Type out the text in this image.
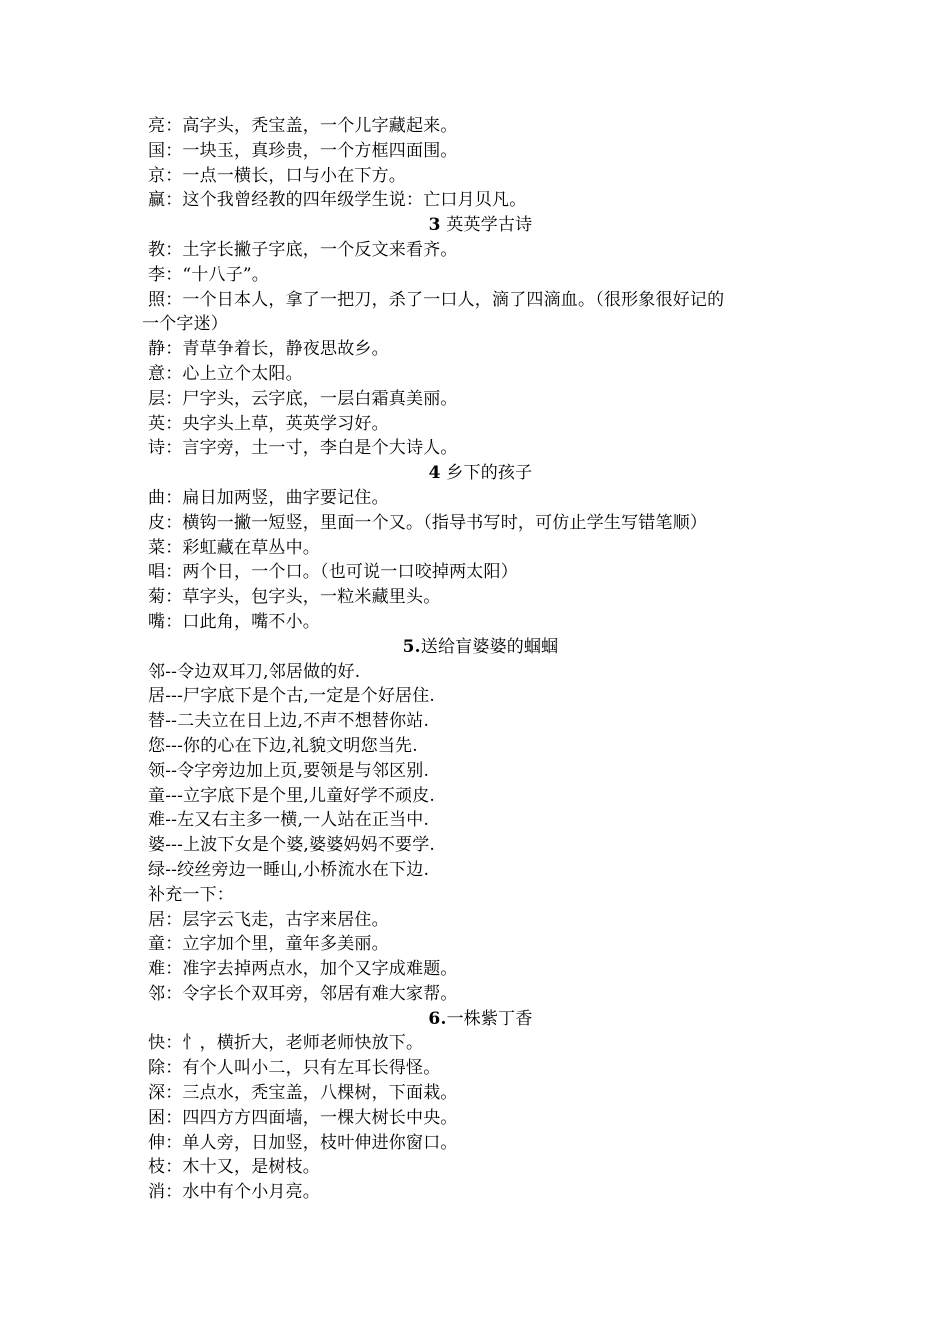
亮：高字头，秃宝盖，一个儿字藏起来。
国：一块玉，真珍贵，一个方框四面围。
京：一点一横长，口与小在下方。
赢：这个我曾经教的四年级学生说：亡口月贝凡。
3 英英学古诗
教：土字长撇子字底，一个反文来看齐。
李：“十八子”。
照：一个日本人，拿了一把刀，杀了一口人，滴了四滴血。（很形象很好记的
一个字迷）
静：青草争着长，静夜思故乡。
意：心上立个太阳。
层：尸字头，云字底，一层白霜真美丽。
英：央字头上草，英英学习好。
诗：言字旁，土一寸，李白是个大诗人。
4 乡下的孩子
曲：扁日加两竖，曲字要记住。
皮：横钩一撇一短竖，里面一个又。（指导书写时，可仿止学生写错笔顺）
菜：彩虹藏在草丛中。
唱：两个日，一个口。（也可说一口咬掉两太阳）
菊：草字头，包字头，一粒米藏里头。
嘴：口此角，嘴不小。
5.送给盲婆婆的蝈蝈
邻--令边双耳刀,邻居做的好.
居---尸字底下是个古,一定是个好居住.
替--二夫立在日上边,不声不想替你站.
您---你的心在下边,礼貌文明您当先.
领--令字旁边加上页,要领是与邻区别.
童---立字底下是个里,儿童好学不顽皮.
难--左又右主多一横,一人站在正当中.
婆---上波下女是个婆,婆婆妈妈不要学.
绿--绞丝旁边一睡山,小桥流水在下边.
补充一下：
居：层字云飞走，古字来居住。
童：立字加个里，童年多美丽。
难：准字去掉两点水，加个又字成难题。
邻：令字长个双耳旁，邻居有难大家帮。
6.一株紫丁香
快：忄，横折大，老师老师快放下。
除：有个人叫小二，只有左耳长得怪。
深：三点水，秃宝盖，八棵树，下面栽。
困：四四方方四面墙，一棵大树长中央。
伸：单人旁，日加竖，枝叶伸进你窗口。
枝：木十又，是树枝。
消：水中有个小月亮。
